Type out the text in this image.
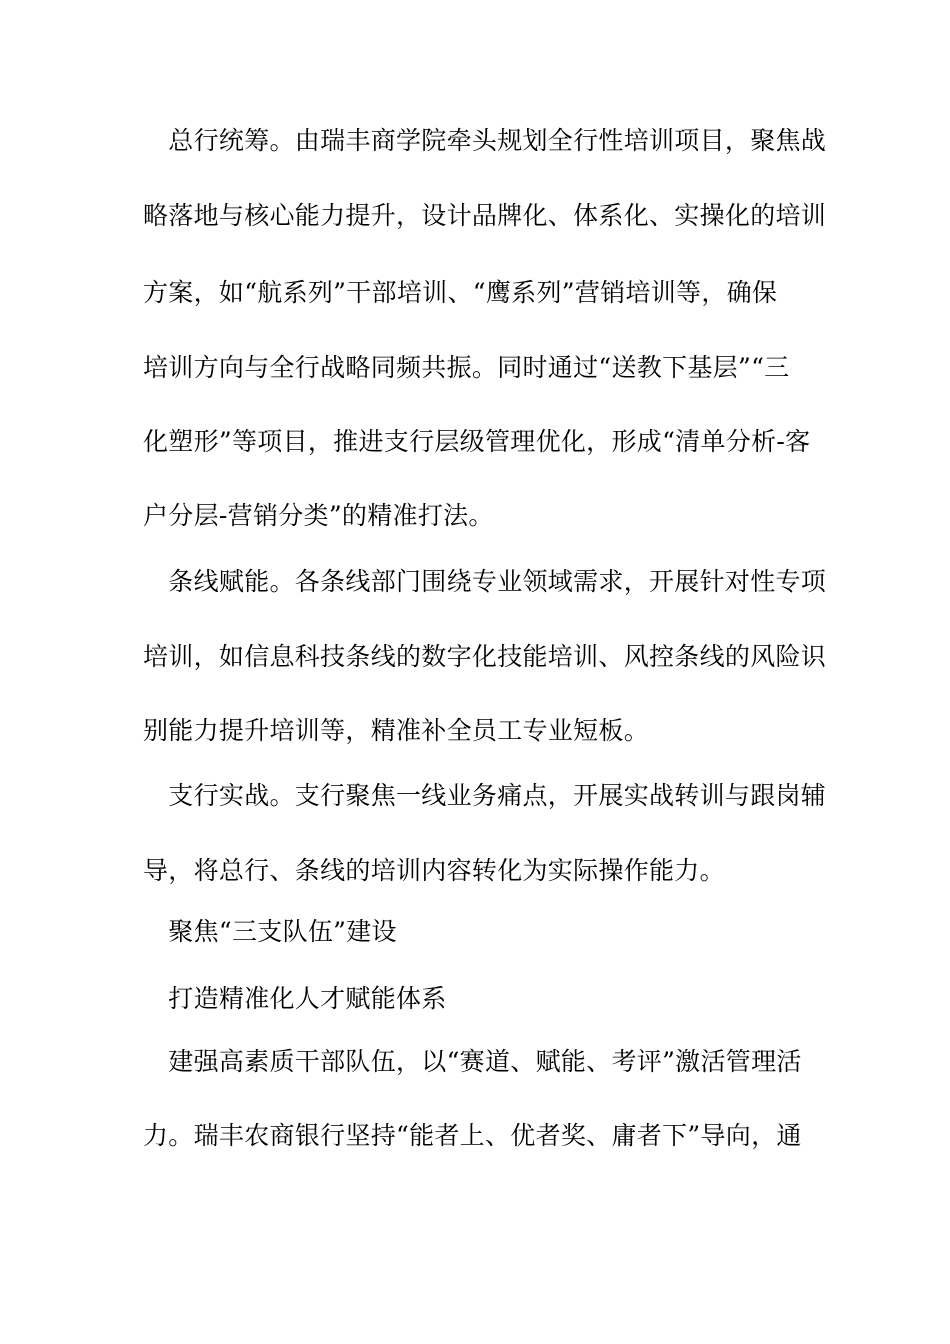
　总行统筹。由瑞丰商学院牵头规划全行性培训项目，聚焦战
略落地与核心能力提升，设计品牌化、体系化、实操化的培训
方案，如“航系列”干部培训、“鹰系列”营销培训等，确保
培训方向与全行战略同频共振。同时通过“送教下基层”“三
化塑形”等项目，推进支行层级管理优化，形成“清单分析-客
户分层-营销分类”的精准打法。
　条线赋能。各条线部门围绕专业领域需求，开展针对性专项
培训，如信息科技条线的数字化技能培训、风控条线的风险识
别能力提升培训等，精准补全员工专业短板。
　支行实战。支行聚焦一线业务痛点，开展实战转训与跟岗辅
导，将总行、条线的培训内容转化为实际操作能力。
　聚焦“三支队伍”建设
　打造精准化人才赋能体系
　建强高素质干部队伍，以“赛道、赋能、考评”激活管理活
力。瑞丰农商银行坚持“能者上、优者奖、庸者下”导向，通
